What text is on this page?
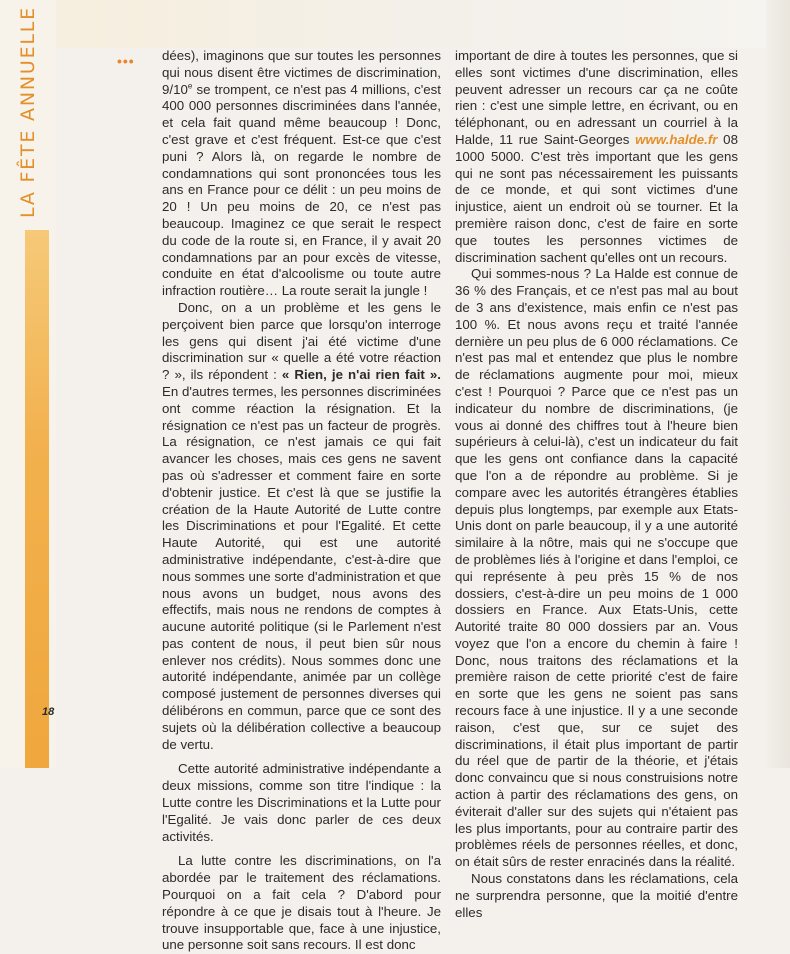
LA FÊTE ANNUELLE	••• dées), imaginons que sur toutes les personnes qui nous disent être victimes de discrimination, 9/10e se trompent, ce n'est pas 4 millions, c'est 400 000 personnes discriminées dans l'année, et cela fait quand même beaucoup ! Donc, c'est grave et c'est fréquent. Est-ce que c'est puni ? Alors là, on regarde le nombre de condamnations qui sont prononcées tous les ans en France pour ce délit : un peu moins de 20 ! Un peu moins de 20, ce n'est pas beaucoup. Imaginez ce que serait le respect du code de la route si, en France, il y avait 20 condamnations par an pour excès de vitesse, conduite en état d'alcoolisme ou toute autre infraction routière… La route serait la jungle !

Donc, on a un problème et les gens le perçoivent bien parce que lorsqu'on interroge les gens qui disent j'ai été victime d'une discrimination sur « quelle a été votre réaction ? », ils répondent : « Rien, je n'ai rien fait ». En d'autres termes, les personnes discriminées ont comme réaction la résignation. Et la résignation ce n'est pas un facteur de progrès. La résignation, ce n'est jamais ce qui fait avancer les choses, mais ces gens ne savent pas où s'adresser et comment faire en sorte d'obtenir justice. Et c'est là que se justifie la création de la Haute Autorité de Lutte contre les Discriminations et pour l'Egalité. Et cette Haute Autorité, qui est une autorité administrative indépendante, c'est-à-dire que nous sommes une sorte d'administration et que nous avons un budget, nous avons des effectifs, mais nous ne rendons de comptes à aucune autorité politique (si le Parlement n'est pas content de nous, il peut bien sûr nous enlever nos crédits). Nous sommes donc une autorité indépendante, animée par un collège composé justement de personnes diverses qui délibérons en commun, parce que ce sont des sujets où la délibération collective a beaucoup de vertu.

Cette autorité administrative indépendante a deux missions, comme son titre l'indique : la Lutte contre les Discriminations et la Lutte pour l'Egalité. Je vais donc parler de ces deux activités.

La lutte contre les discriminations, on l'a abordée par le traitement des réclamations. Pourquoi on a fait cela ? D'abord pour répondre à ce que je disais tout à l'heure. Je trouve insupportable que, face à une injustice, une personne soit sans recours. Il est donc

important de dire à toutes les personnes, que si elles sont victimes d'une discrimination, elles peuvent adresser un recours car ça ne coûte rien : c'est une simple lettre, en écrivant, ou en téléphonant, ou en adressant un courriel à la Halde, 11 rue Saint-Georges www.halde.fr 08 1000 5000. C'est très important que les gens qui ne sont pas nécessairement les puissants de ce monde, et qui sont victimes d'une injustice, aient un endroit où se tourner. Et la première raison donc, c'est de faire en sorte que toutes les personnes victimes de discrimination sachent qu'elles ont un recours.

Qui sommes-nous ? La Halde est connue de 36 % des Français, et ce n'est pas mal au bout de 3 ans d'existence, mais enfin ce n'est pas 100 %. Et nous avons reçu et traité l'année dernière un peu plus de 6 000 réclamations. Ce n'est pas mal et entendez que plus le nombre de réclamations augmente pour moi, mieux c'est ! Pourquoi ? Parce que ce n'est pas un indicateur du nombre de discriminations, (je vous ai donné des chiffres tout à l'heure bien supérieurs à celui-là), c'est un indicateur du fait que les gens ont confiance dans la capacité que l'on a de répondre au problème. Si je compare avec les autorités étrangères établies depuis plus longtemps, par exemple aux Etats-Unis dont on parle beaucoup, il y a une autorité similaire à la nôtre, mais qui ne s'occupe que de problèmes liés à l'origine et dans l'emploi, ce qui représente à peu près 15 % de nos dossiers, c'est-à-dire un peu moins de 1 000 dossiers en France. Aux Etats-Unis, cette Autorité traite 80 000 dossiers par an. Vous voyez que l'on a encore du chemin à faire ! Donc, nous traitons des réclamations et la première raison de cette priorité c'est de faire en sorte que les gens ne soient pas sans recours face à une injustice. Il y a une seconde raison, c'est que, sur ce sujet des discriminations, il était plus important de partir du réel que de partir de la théorie, et j'étais donc convaincu que si nous construisions notre action à partir des réclamations des gens, on éviterait d'aller sur des sujets qui n'étaient pas les plus importants, pour au contraire partir des problèmes réels de personnes réelles, et donc, on était sûrs de rester enracinés dans la réalité.

Nous constatons dans les réclamations, cela ne surprendra personne, que la moitié d'entre elles

18
